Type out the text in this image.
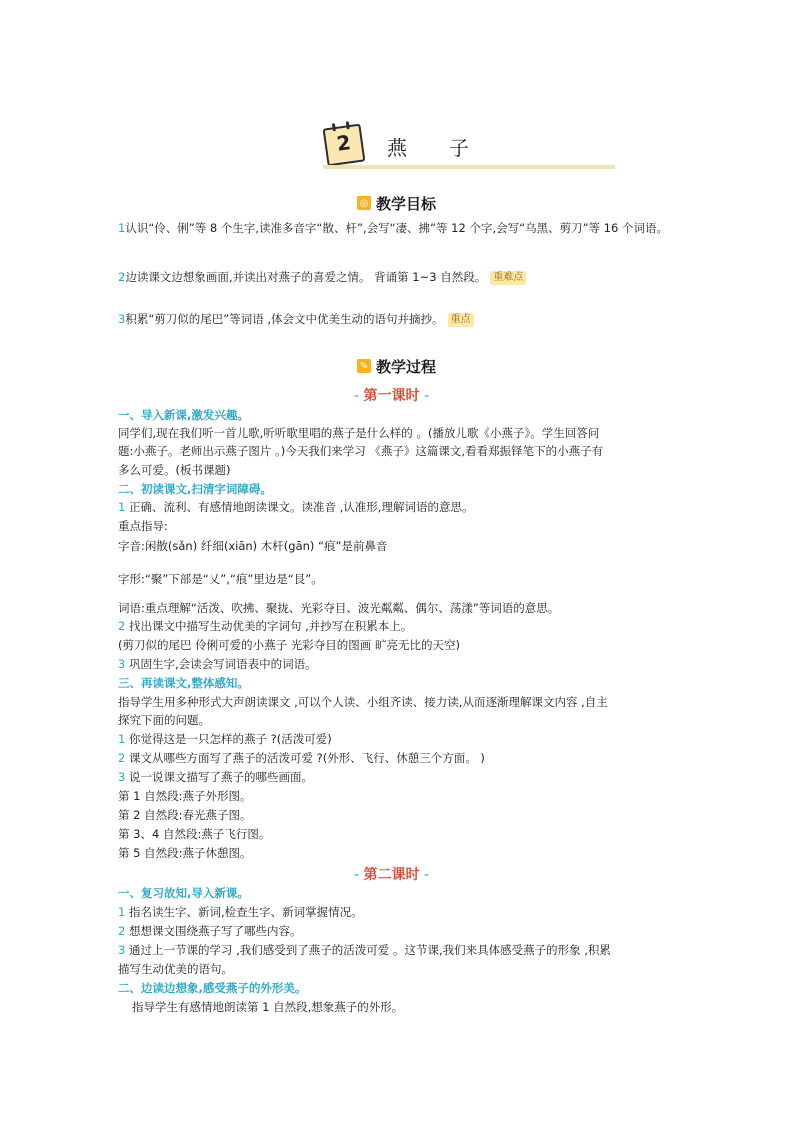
2	燕子
◎ 教学目标
1认识“伶、俐”等 8 个生字,读准多音字“散、杆”,会写“凄、拂”等 12 个字,会写“乌黑、剪刀”等 16 个词语。
2边读课文边想象画面,并读出对燕子的喜爱之情。 背诵第 1~3 自然段。 重难点
3积累“剪刀似的尾巴”等词语 ,体会文中优美生动的语句并摘抄。 重点
✎ 教学过程
- 第一课时 -
一、导入新课,激发兴趣。
同学们,现在我们听一首儿歌,听听歌里唱的燕子是什么样的 。(播放儿歌《小燕子》。学生回答问
题:小燕子。老师出示燕子图片 。)今天我们来学习 《燕子》这篇课文,看看郑振铎笔下的小燕子有
多么可爱。(板书课题)
二、初读课文,扫清字词障碍。
1 正确、流利、有感情地朗读课文。读准音 ,认准形,理解词语的意思。
重点指导:
字音:闲散(sǎn) 纤细(xiān) 木杆(gān) “痕”是前鼻音
字形:“聚”下部是“乂”,“痕”里边是“艮”。
词语:重点理解“活泼、吹拂、聚拢、光彩夺目、波光粼粼、偶尔、荡漾”等词语的意思。
2 找出课文中描写生动优美的字词句 ,并抄写在积累本上。
(剪刀似的尾巴 伶俐可爱的小燕子 光彩夺目的图画 旷亮无比的天空)
3 巩固生字,会读会写词语表中的词语。
三、再读课文,整体感知。
指导学生用多种形式大声朗读课文 ,可以个人读、小组齐读、接力读,从而逐渐理解课文内容 ,自主
探究下面的问题。
1 你觉得这是一只怎样的燕子 ?(活泼可爱)
2 课文从哪些方面写了燕子的活泼可爱 ?(外形、飞行、休憩三个方面。 )
3 说一说课文描写了燕子的哪些画面。
第 1 自然段:燕子外形图。
第 2 自然段:春光燕子图。
第 3、4 自然段:燕子飞行图。
第 5 自然段:燕子休憩图。
- 第二课时 -
一、复习故知,导入新课。
1 指名读生字、新词,检查生字、新词掌握情况。
2 想想课文围绕燕子写了哪些内容。
3 通过上一节课的学习 ,我们感受到了燕子的活泼可爱 。这节课,我们来具体感受燕子的形象 ,积累
描写生动优美的语句。
二、边读边想象,感受燕子的外形美。
指导学生有感情地朗读第 1 自然段,想象燕子的外形。
